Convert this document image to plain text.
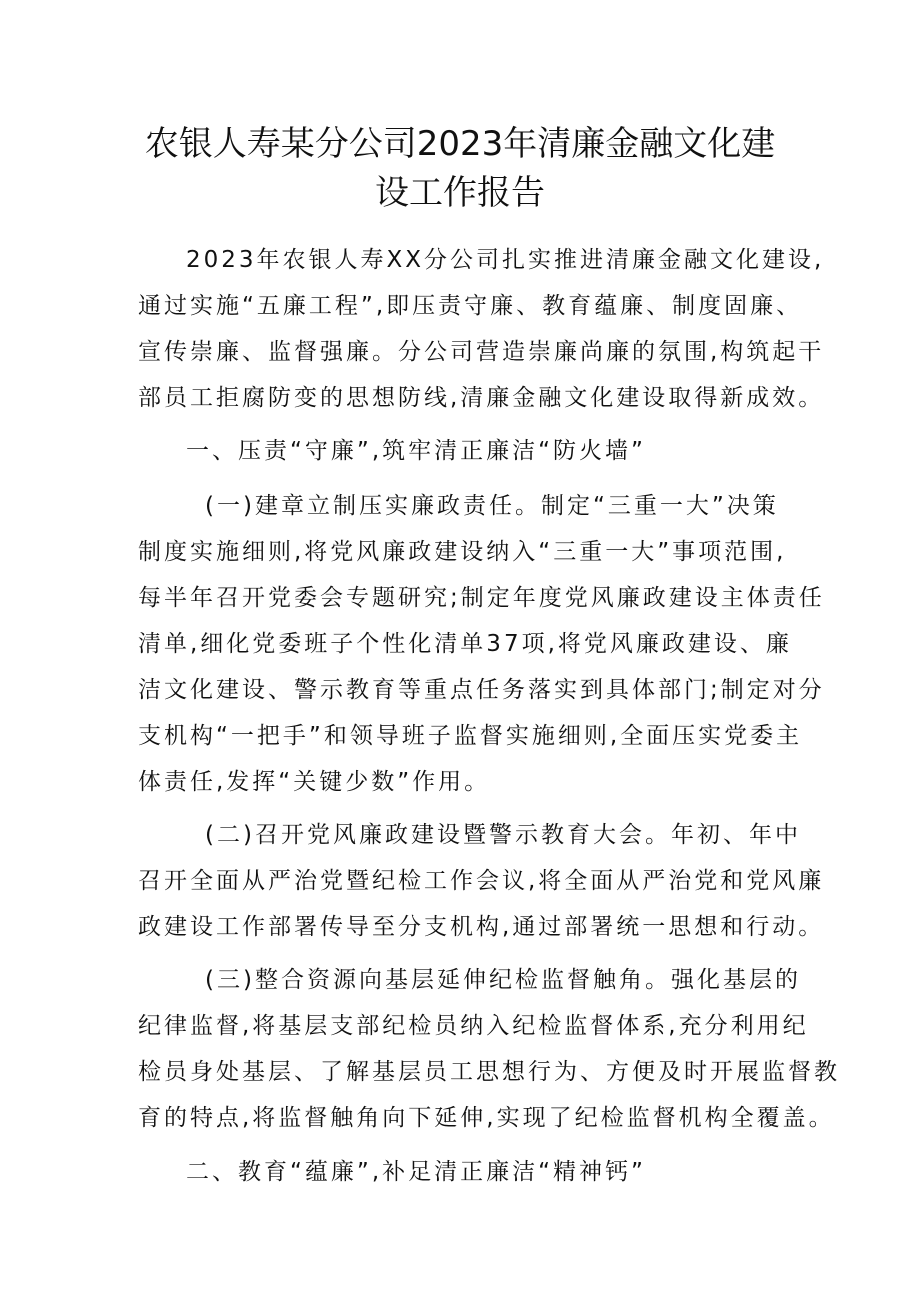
农银人寿某分公司2023年清廉金融文化建
设工作报告
2023年农银人寿XX分公司扎实推进清廉金融文化建设,
通过实施“五廉工程”,即压责守廉、教育蕴廉、制度固廉、
宣传崇廉、监督强廉。分公司营造崇廉尚廉的氛围,构筑起干
部员工拒腐防变的思想防线,清廉金融文化建设取得新成效。
一、压责“守廉”,筑牢清正廉洁“防火墙”
(一)建章立制压实廉政责任。制定“三重一大”决策
制度实施细则,将党风廉政建设纳入“三重一大”事项范围,
每半年召开党委会专题研究;制定年度党风廉政建设主体责任
清单,细化党委班子个性化清单37项,将党风廉政建设、廉
洁文化建设、警示教育等重点任务落实到具体部门;制定对分
支机构“一把手”和领导班子监督实施细则,全面压实党委主
体责任,发挥“关键少数”作用。
(二)召开党风廉政建设暨警示教育大会。年初、年中
召开全面从严治党暨纪检工作会议,将全面从严治党和党风廉
政建设工作部署传导至分支机构,通过部署统一思想和行动。
(三)整合资源向基层延伸纪检监督触角。强化基层的
纪律监督,将基层支部纪检员纳入纪检监督体系,充分利用纪
检员身处基层、了解基层员工思想行为、方便及时开展监督教
育的特点,将监督触角向下延伸,实现了纪检监督机构全覆盖。
二、教育“蕴廉”,补足清正廉洁“精神钙”
